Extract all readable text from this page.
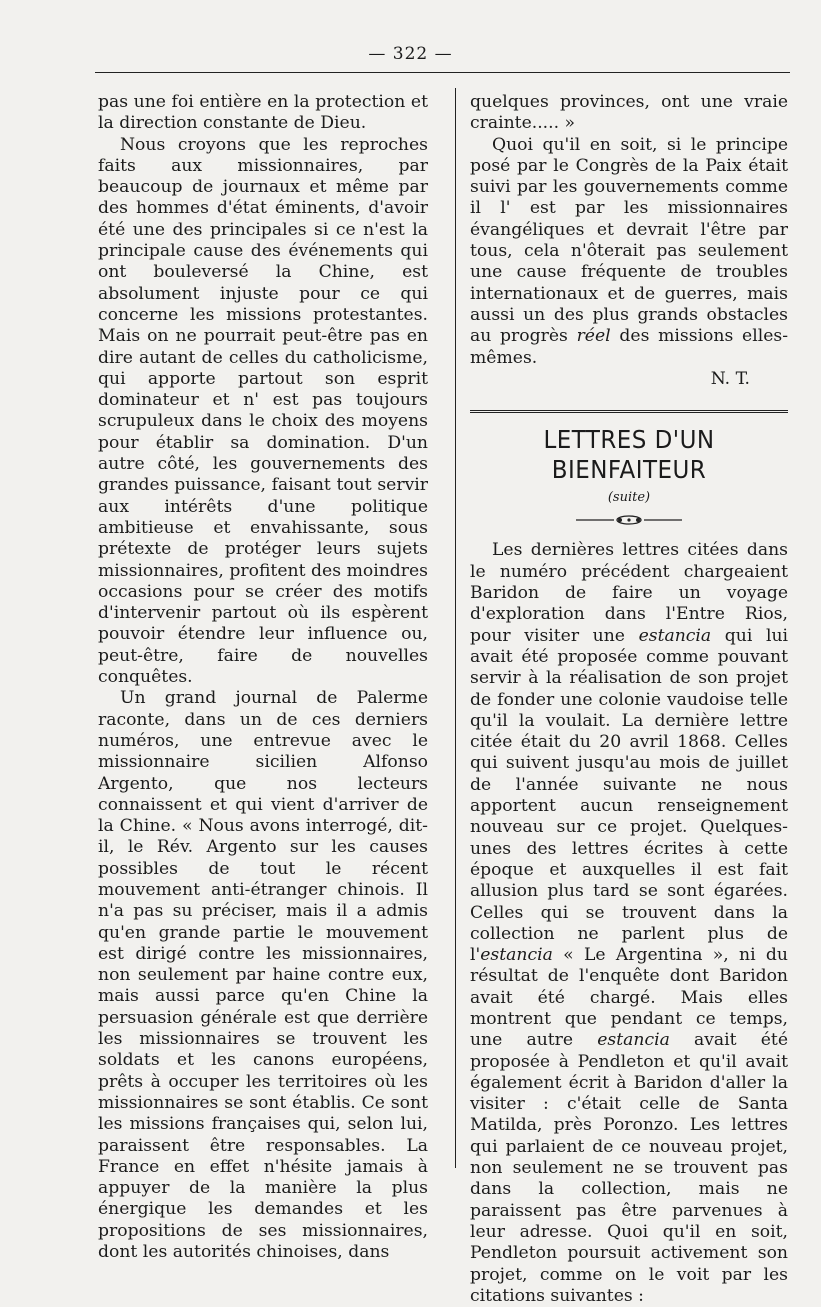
— 322 —

pas une foi entière en la protection et la direction constante de Dieu.

Nous croyons que les reproches faits aux missionnaires, par beaucoup de journaux et même par des hommes d'état éminents, d'avoir été une des principales si ce n'est la principale cause des événements qui ont bouleversé la Chine, est absolument injuste pour ce qui concerne les missions protestantes. Mais on ne pourrait peut-être pas en dire autant de celles du catholicisme, qui apporte partout son esprit dominateur et n' est pas toujours scrupuleux dans le choix des moyens pour établir sa domination. D'un autre côté, les gouvernements des grandes puissance, faisant tout servir aux intérêts d'une politique ambitieuse et envahissante, sous prétexte de protéger leurs sujets missionnaires, profitent des moindres occasions pour se créer des motifs d'intervenir partout où ils espèrent pouvoir étendre leur influence ou, peut-être, faire de nouvelles conquêtes.

Un grand journal de Palerme raconte, dans un de ces derniers numéros, une entrevue avec le missionnaire sicilien Alfonso Argento, que nos lecteurs connaissent et qui vient d'arriver de la Chine. « Nous avons interrogé, dit-il, le Rév. Argento sur les causes possibles de tout le récent mouvement anti-étranger chinois. Il n'a pas su préciser, mais il a admis qu'en grande partie le mouvement est dirigé contre les missionnaires, non seulement par haine contre eux, mais aussi parce qu'en Chine la persuasion générale est que derrière les missionnaires se trouvent les soldats et les canons européens, prêts à occuper les territoires où les missionnaires se sont établis. Ce sont les missions françaises qui, selon lui, paraissent être responsables. La France en effet n'hésite jamais à appuyer de la manière la plus énergique les demandes et les propositions de ses missionnaires, dont les autorités chinoises, dans

quelques provinces, ont une vraie crainte..... »

Quoi qu'il en soit, si le principe posé par le Congrès de la Paix était suivi par les gouvernements comme il l' est par les missionnaires évangéliques et devrait l'être par tous, cela n'ôterait pas seulement une cause fréquente de troubles internationaux et de guerres, mais aussi un des plus grands obstacles au progrès réel des missions elles-mêmes.

N. T.

LETTRES D'UN BIENFAITEUR
(suite)

Les dernières lettres citées dans le numéro précédent chargeaient Baridon de faire un voyage d'exploration dans l'Entre Rios, pour visiter une estancia qui lui avait été proposée comme pouvant servir à la réalisation de son projet de fonder une colonie vaudoise telle qu'il la voulait. La dernière lettre citée était du 20 avril 1868. Celles qui suivent jusqu'au mois de juillet de l'année suivante ne nous apportent aucun renseignement nouveau sur ce projet. Quelques-unes des lettres écrites à cette époque et auxquelles il est fait allusion plus tard se sont égarées. Celles qui se trouvent dans la collection ne parlent plus de l'estancia « Le Argentina », ni du résultat de l'enquête dont Baridon avait été chargé. Mais elles montrent que pendant ce temps, une autre estancia avait été proposée à Pendleton et qu'il avait également écrit à Baridon d'aller la visiter : c'était celle de Santa Matilda, près Poronzo. Les lettres qui parlaient de ce nouveau projet, non seulement ne se trouvent pas dans la collection, mais ne paraissent pas être parvenues à leur adresse. Quoi qu'il en soit, Pendleton poursuit activement son projet, comme on le voit par les citations suivantes :
